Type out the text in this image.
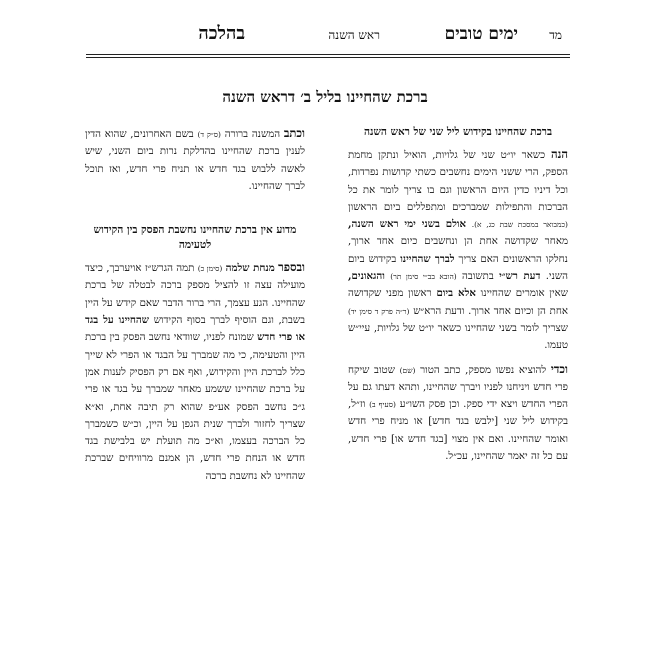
מד
ימים טובים
ראש השנה
בהלכה
ברכת שהחיינו בליל ב׳ דראש השנה
ברכת שהחיינו בקידוש ליל שני של ראש השנה

הנה כשאר יו״ט שני של גלויות, הואיל ונתקן מחמת הספק, הרי ששני הימים נחשבים כשתי קדושות נפרדות, וכל דיניו כדין היום הראשון וגם בו צריך לומר את כל הברכות והתפילות שמברכים ומתפללים ביום הראשון (כמבואר במסכת שבת כג, א). אולם בשני ימי ראש השנה, מאחר שקדושה אחת הן ונחשבים כיום אחד ארוך, נחלקו הראשונים האם צריך לברך שהחיינו בקידוש ביום השני. דעת רש״י בתשובה (הובא בב״י סימן תר) והגאונים, שאין אומרים שהחיינו אלא ביום ראשון מפני שקדושה אחת הן וכיום אחד ארוך. ודעת הרא״ש (ר״ה פרק ד סימן יד) שצריך לומר בשני שהחיינו כשאר יו״ט של גלויות, עיי״ש טעמו.

וכדי להוציא נפשו מספק, כתב הטור (שם) שטוב שיקח פרי חדש ויניחנו לפניו ויברך שהחיינו, ותהא דעתו גם על הפרי החדש ויצא ידי ספק. וכן פסק השו״ע (סעיף ב) וז״ל, בקידוש ליל שני [ילבש בגד חדש] או מניח פרי חדש ואומר שהחיינו. ואם אין מצוי [בגד חדש או] פרי חדש, עם כל זה יאמר שהחיינו, עכ״ל.

וכתב המשנה ברורה (ס״ק ד) בשם האחרונים, שהוא הדין לענין ברכת שהחיינו בהדלקת נרות ביום השני, שיש לאשה ללבוש בגד חדש או תניח פרי חדש, ואז תוכל לברך שהחיינו.

מדוע אין ברכת שהחיינו נחשבת הפסק בין הקידוש לטעימה

ובספר מנחת שלמה (סימן כ) תמה הגרש״ז אויערבך, כיצד מועילה עצה זו להציל מספק ברכה לבטלה של ברכת שהחיינו. הגע עצמך, הרי ברור הדבר שאם קידש על היין בשבת, וגם הוסיף לברך בסוף הקידוש שהחיינו על בגד או פרי חדש שמונח לפניו, שוודאי נחשב הפסק בין ברכת היין והטעימה, כי מה שמברך על הבגד או הפרי לא שייך כלל לברכת היין והקידוש, ואף אם רק הפסיק לענות אמן על ברכת שהחיינו ששמע מאחר שמברך על בגד או פרי ג״כ נחשב הפסק אע״פ שהוא רק תיבה אחת, וא״א שצריך לחזור ולברך שנית הגפן על היין, וכ״ש כשמברך כל הברכה בעצמו, וא״כ מה תועלת יש בלבישת בגד חדש או הנחת פרי חדש, הן אמנם מרוויחים שברכת שהחיינו לא נחשבת ברכה
